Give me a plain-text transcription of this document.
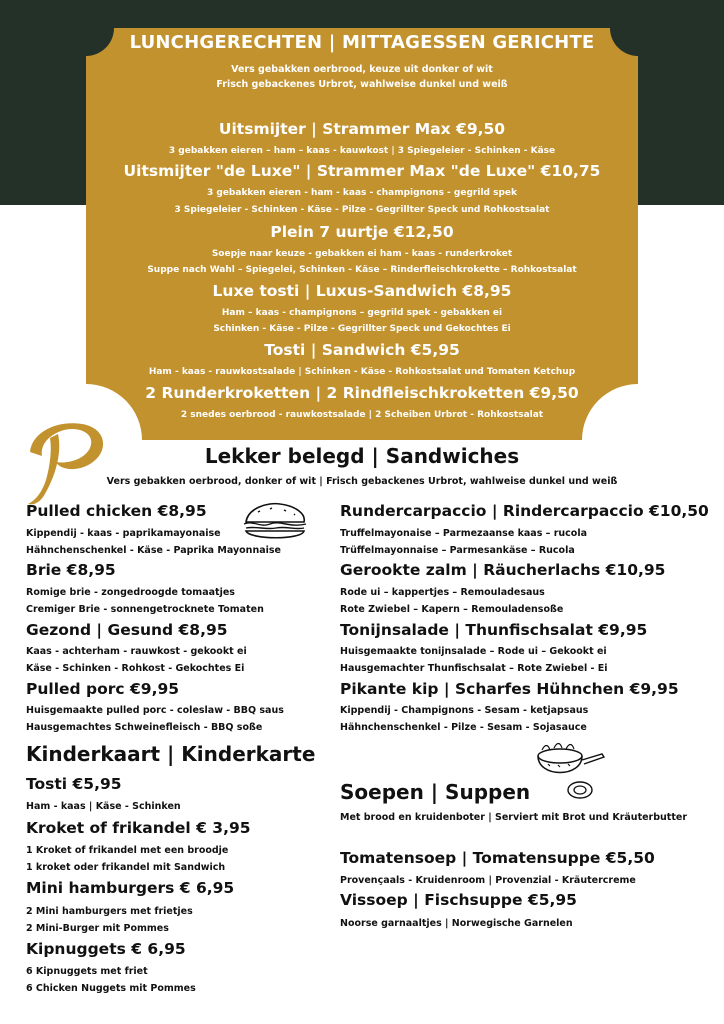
LUNCHGERECHTEN | MITTAGESSEN GERICHTE
Vers gebakken oerbrood, keuze uit donker of wit
Frisch gebackenes Urbrot, wahlweise dunkel und weiß
Uitsmijter | Strammer Max €9,50
3 gebakken eieren – ham – kaas - kauwkost | 3 Spiegeleier - Schinken - Käse
Uitsmijter "de Luxe" | Strammer Max "de Luxe" €10,75
3 gebakken eieren - ham - kaas - champignons - gegrild spek
3 Spiegeleier - Schinken - Käse - Pilze - Gegrillter Speck und Rohkostsalat
Plein 7 uurtje €12,50
Soepje naar keuze - gebakken ei ham - kaas - runderkroket
Suppe nach Wahl – Spiegelei, Schinken - Käse – Rinderfleischkrokette – Rohkostsalat
Luxe tosti | Luxus-Sandwich €8,95
Ham – kaas - champignons – gegrild spek - gebakken ei
Schinken - Käse - Pilze - Gegrillter Speck und Gekochtes Ei
Tosti | Sandwich €5,95
Ham - kaas - rauwkostsalade | Schinken - Käse - Rohkostsalat und Tomaten Ketchup
2 Runderkroketten | 2 Rindfleischkroketten €9,50
2 snedes oerbrood - rauwkostsalade | 2 Scheiben Urbrot - Rohkostsalat
Lekker belegd | Sandwiches
Vers gebakken oerbrood, donker of wit | Frisch gebackenes Urbrot, wahlweise dunkel und weiß
Pulled chicken €8,95
Kippendij - kaas - paprikamayonaise
Hähnchenschenkel - Käse - Paprika Mayonnaise
Brie €8,95
Romige brie - zongedroogde tomaatjes
Cremiger Brie - sonnengetrocknete Tomaten
Gezond | Gesund €8,95
Kaas - achterham - rauwkost - gekookt ei
Käse - Schinken - Rohkost - Gekochtes Ei
Pulled porc €9,95
Huisgemaakte pulled porc - coleslaw - BBQ saus
Hausgemachtes Schweinefleisch - BBQ soße
Rundercarpaccio | Rindercarpaccio €10,50
Truffelmayonaise – Parmezaanse kaas – rucola
Trüffelmayonnaise – Parmesankäse – Rucola
Gerookte zalm | Räucherlachs €10,95
Rode ui – kappertjes – Remouladesaus
Rote Zwiebel – Kapern – Remouladensoße
Tonijnsalade | Thunfischsalat €9,95
Huisgemaakte tonijnsalade – Rode ui – Gekookt ei
Hausgemachter Thunfischsalat – Rote Zwiebel - Ei
Pikante kip | Scharfes Hühnchen €9,95
Kippendij - Champignons - Sesam - ketjapsaus
Hähnchenschenkel - Pilze - Sesam - Sojasauce
Kinderkaart | Kinderkarte
Tosti €5,95
Ham - kaas | Käse - Schinken
Kroket of frikandel € 3,95
1 Kroket of frikandel met een broodje
1 kroket oder frikandel mit Sandwich
Mini hamburgers € 6,95
2 Mini hamburgers met frietjes
2 Mini-Burger mit Pommes
Kipnuggets € 6,95
6 Kipnuggets met friet
6 Chicken Nuggets mit Pommes
Soepen | Suppen
Met brood en kruidenboter | Serviert mit Brot und Kräuterbutter
Tomatensoep | Tomatensuppe €5,50
Provençaals - Kruidenroom | Provenzial - Kräutercreme
Vissoep | Fischsuppe €5,95
Noorse garnaaltjes | Norwegische Garnelen
